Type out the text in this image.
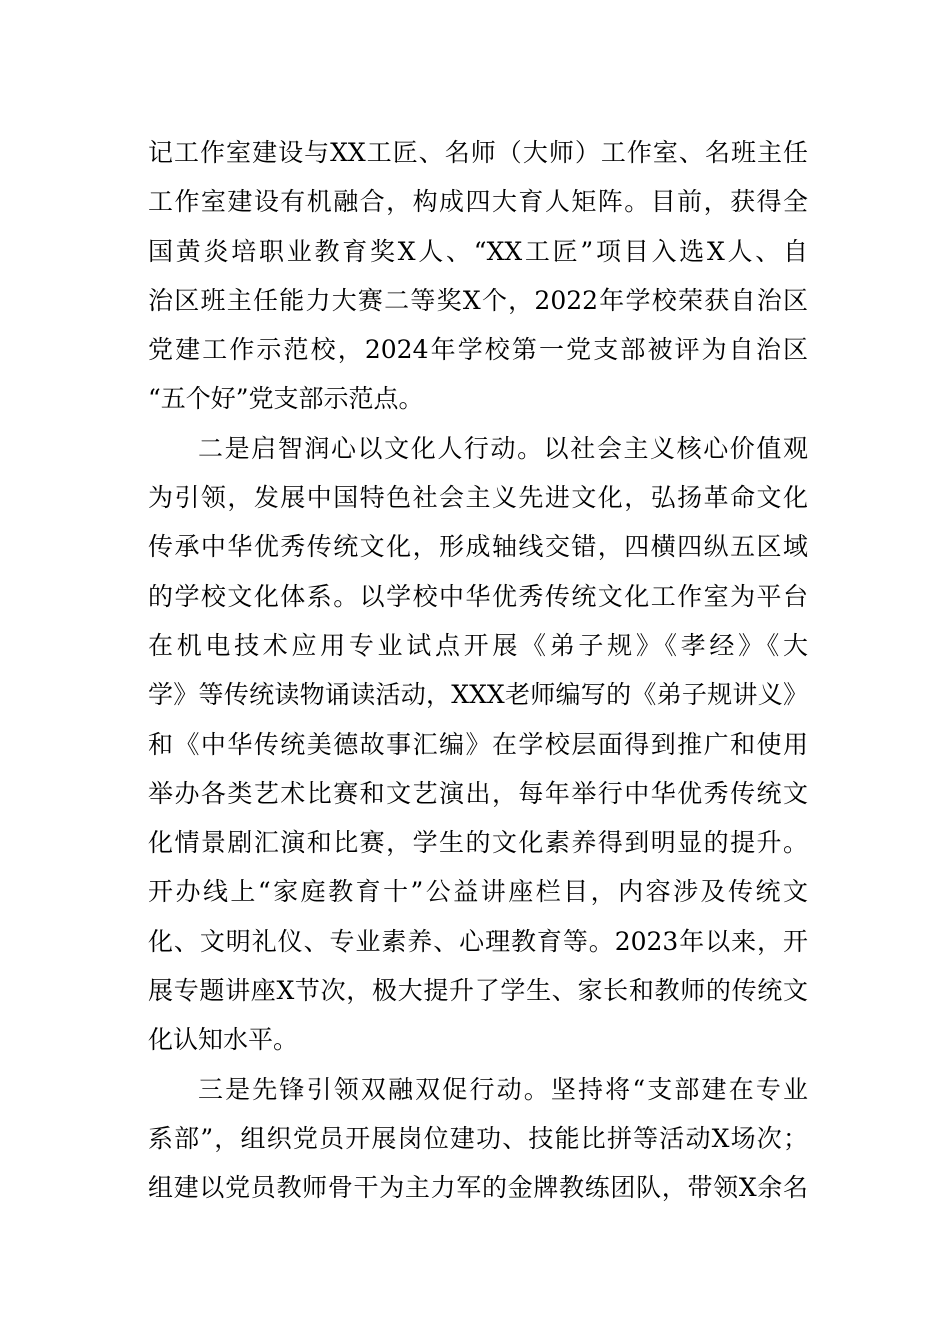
记工作室建设与XX工匠、名师（大师）工作室、名班主任
工作室建设有机融合，构成四大育人矩阵。目前，获得全
国黄炎培职业教育奖X人、“XX工匠”项目入选X人、自
治区班主任能力大赛二等奖X个，2022年学校荣获自治区
党建工作示范校，2024年学校第一党支部被评为自治区
“五个好”党支部示范点。
二是启智润心以文化人行动。以社会主义核心价值观
为引领，发展中国特色社会主义先进文化，弘扬革命文化
传承中华优秀传统文化，形成轴线交错，四横四纵五区域
的学校文化体系。以学校中华优秀传统文化工作室为平台
在机电技术应用专业试点开展《弟子规》《孝经》《大
学》等传统读物诵读活动，XXX老师编写的《弟子规讲义》
和《中华传统美德故事汇编》在学校层面得到推广和使用
举办各类艺术比赛和文艺演出，每年举行中华优秀传统文
化情景剧汇演和比赛，学生的文化素养得到明显的提升。
开办线上“家庭教育十”公益讲座栏目，内容涉及传统文
化、文明礼仪、专业素养、心理教育等。2023年以来，开
展专题讲座X节次，极大提升了学生、家长和教师的传统文
化认知水平。
三是先锋引领双融双促行动。坚持将“支部建在专业
系部”，组织党员开展岗位建功、技能比拼等活动X场次；
组建以党员教师骨干为主力军的金牌教练团队，带领X余名
